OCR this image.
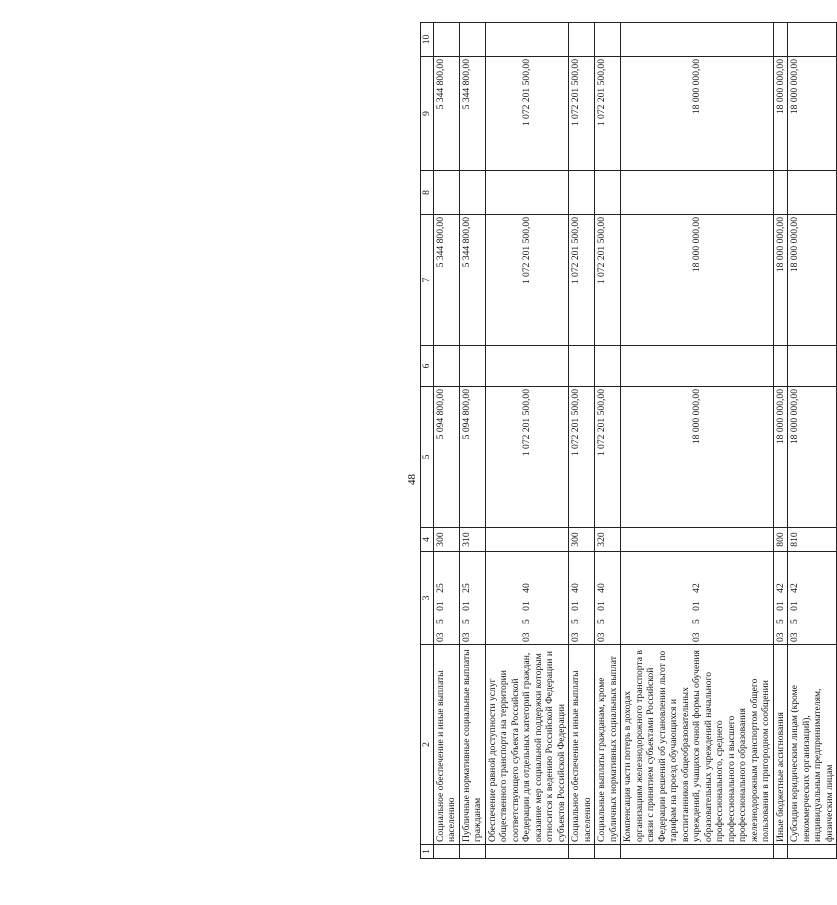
48
1	2	3	4	5	6	7	8	9	10
	Социальное обеспечение и иные выплаты населению	03 5 01 25	300	5 094 800,00		5 344 800,00		5 344 800,00	
	Публичные нормативные социальные выплаты гражданам	03 5 01 25	310	5 094 800,00		5 344 800,00		5 344 800,00	
	Обеспечение равной доступности услуг общественного транспорта на территории соответствующего субъекта Российской Федерации для отдельных категорий граждан, оказание мер социальной поддержки которым относится к ведению Российской Федерации и субъектов Российской Федерации	03 5 01 40		1 072 201 500,00		1 072 201 500,00		1 072 201 500,00	
	Социальное обеспечение и иные выплаты населению	03 5 01 40	300	1 072 201 500,00		1 072 201 500,00		1 072 201 500,00	
	Социальные выплаты гражданам, кроме публичных нормативных социальных выплат	03 5 01 40	320	1 072 201 500,00		1 072 201 500,00		1 072 201 500,00	
	Компенсация части потерь в доходах организациям железнодорожного транспорта в связи с принятием субъектами Российской Федерации решений об установлении льгот по тарифам на проезд обучающихся и воспитанников общеобразовательных учреждений, учащихся очной формы обучения образовательных учреждений начального профессионального, среднего профессионального и высшего профессионального образования железнодорожным транспортом общего пользования в пригородном сообщении	03 5 01 42		18 000 000,00		18 000 000,00		18 000 000,00	
	Иные бюджетные ассигнования	03 5 01 42	800	18 000 000,00		18 000 000,00		18 000 000,00	
	Субсидии юридическим лицам (кроме некоммерческих организаций), индивидуальным предпринимателям, физическим лицам	03 5 01 42	810	18 000 000,00		18 000 000,00		18 000 000,00	
